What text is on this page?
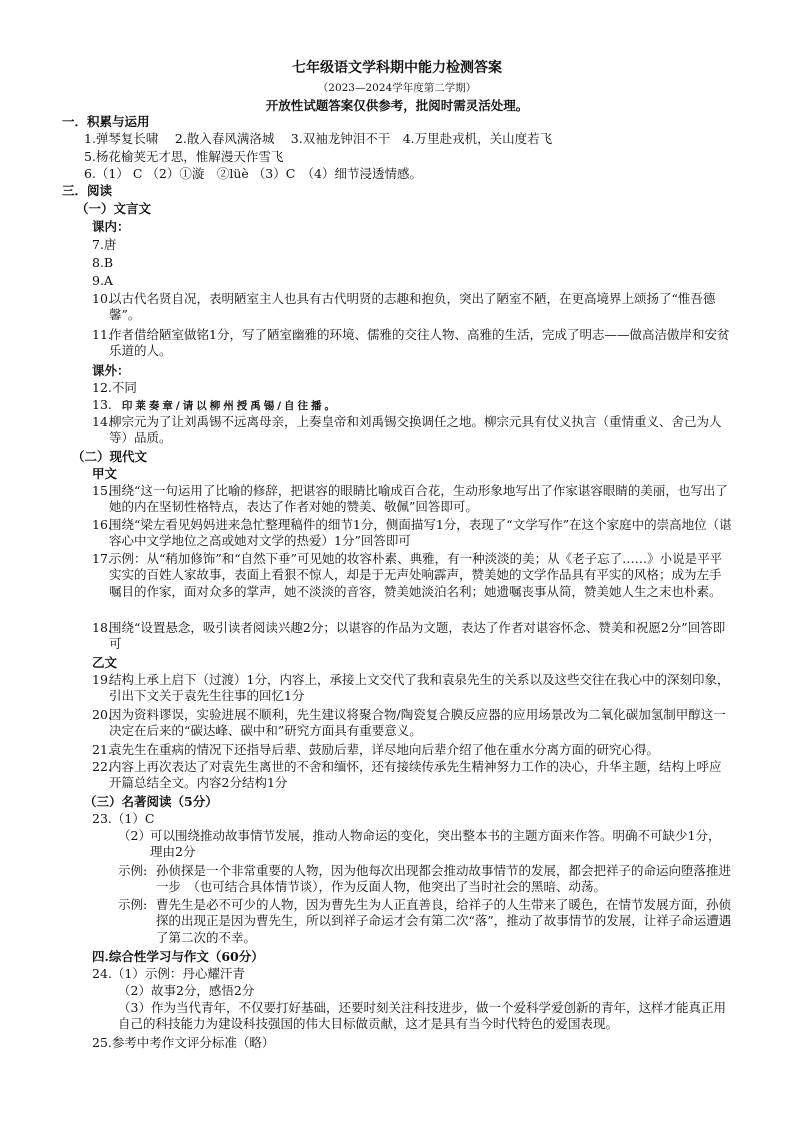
七年级语文学科期中能力检测答案
（2023—2024学年度第二学期）
开放性试题答案仅供参考，批阅时需灵活处理。
一．积累与运用
1.弹琴复长啸　 2.散入春风满洛城　 3.双袖龙钟泪不干　4.万里赴戎机，关山度若飞
5.杨花榆荚无才思，惟解漫天作雪飞
6.（1） C （2）①漩　②lüè （3）C　（4）细节浸透情感。
三．阅读
（一）文言文
课内：
7.唐
8.B
9.A
10.
以古代名贤自况，表明陋室主人也具有古代明贤的志趣和抱负，突出了陋室不陋，在更高境界上颂扬了“惟吾德馨”。
11.
作者借给陋室做铭1分，写了陋室幽雅的环境、儒雅的交往人物、高雅的生活，完成了明志——做高洁傲岸和安贫乐道的人。
课外：
12.不同
13. 印莱奏章/请以柳州授禹锡/自往播。
14.
柳宗元为了让刘禹锡不远离母亲，上奏皇帝和刘禹锡交换调任之地。柳宗元具有仗义执言（重情重义、舍己为人等）品质。
（二）现代文
甲文
15.
围绕“这一句运用了比喻的修辞，把谌容的眼睛比喻成百合花，生动形象地写出了作家谌容眼睛的美丽，也写出了她的内在坚韧性格特点，表达了作者对她的赞美、敬佩”回答即可。
16.
围绕“梁左看见妈妈进来急忙整理稿件的细节1分，侧面描写1分，表现了“文学写作”在这个家庭中的崇高地位（谌容心中文学地位之高或她对文学的热爱）1分”回答即可
17.
示例：从“稍加修饰”和“自然下垂”可见她的妆容朴素、典雅，有一种淡淡的美；从《老子忘了……》小说是平平实实的百姓人家故事，表面上看狠不惊人，却是于无声处响霹声，赞美她的文学作品具有平实的风格；成为左手嘱目的作家，面对众多的掌声，她不淡淡的音容，赞美她淡泊名利；她遗嘱丧事从简，赞美她人生之末也朴素。
18.
围绕“设置悬念，吸引读者阅读兴趣2分；以谌容的作品为文题，表达了作者对谌容怀念、赞美和祝愿2分”回答即可
乙文
19.
结构上承上启下（过渡）1分，内容上，承接上文交代了我和袁泉先生的关系以及这些交往在我心中的深刻印象，引出下文关于袁先生往事的回忆1分
20.
因为资料谬误，实验进展不顺利，先生建议将聚合物/陶瓷复合膜反应器的应用场景改为二氧化碳加氢制甲醇这一决定在后来的“碳达峰、碳中和”研究方面具有重要意义。
21.
袁先生在重病的情况下还指导后辈、鼓励后辈，详尽地向后辈介绍了他在重水分离方面的研究心得。
22.
内容上再次表达了对袁先生离世的不舍和缅怀，还有接续传承先生精神努力工作的决心，升华主题，结构上呼应开篇总结全文。内容2分结构1分
（三）名著阅读（5分）
23.（1）C
（2） 可以围绕推动故事情节发展，推动人物命运的变化，突出整本书的主题方面来作答。明确不可缺少1分，理由2分
示例: 孙侦探是一个非常重要的人物，因为他每次出现都会推动故事情节的发展，都会把祥子的命运向堕落推进一步　（也可结合具体情节谈），作为反面人物，他突出了当时社会的黑暗、动荡。
示例: 曹先生是必不可少的人物，因为曹先生为人正直善良，给祥子的人生带来了暖色，在情节发展方面，孙侦探的出现正是因为曹先生，所以到祥子命运才会有第二次“落”，推动了故事情节的发展，让祥子命运遭遇了第二次的不幸。
四.综合性学习与作文（60分）
24.（1）示例：丹心耀汗青
（2）故事2分，感悟2分
（3）作为当代青年，不仅要打好基础，还要时刻关注科技进步，做一个爱科学爱创新的青年，这样才能真正用自己的科技能力为建设科技强国的伟大目标做贡献，这才是具有当今时代特色的爱国表现。
25.参考中考作文评分标准（略）
